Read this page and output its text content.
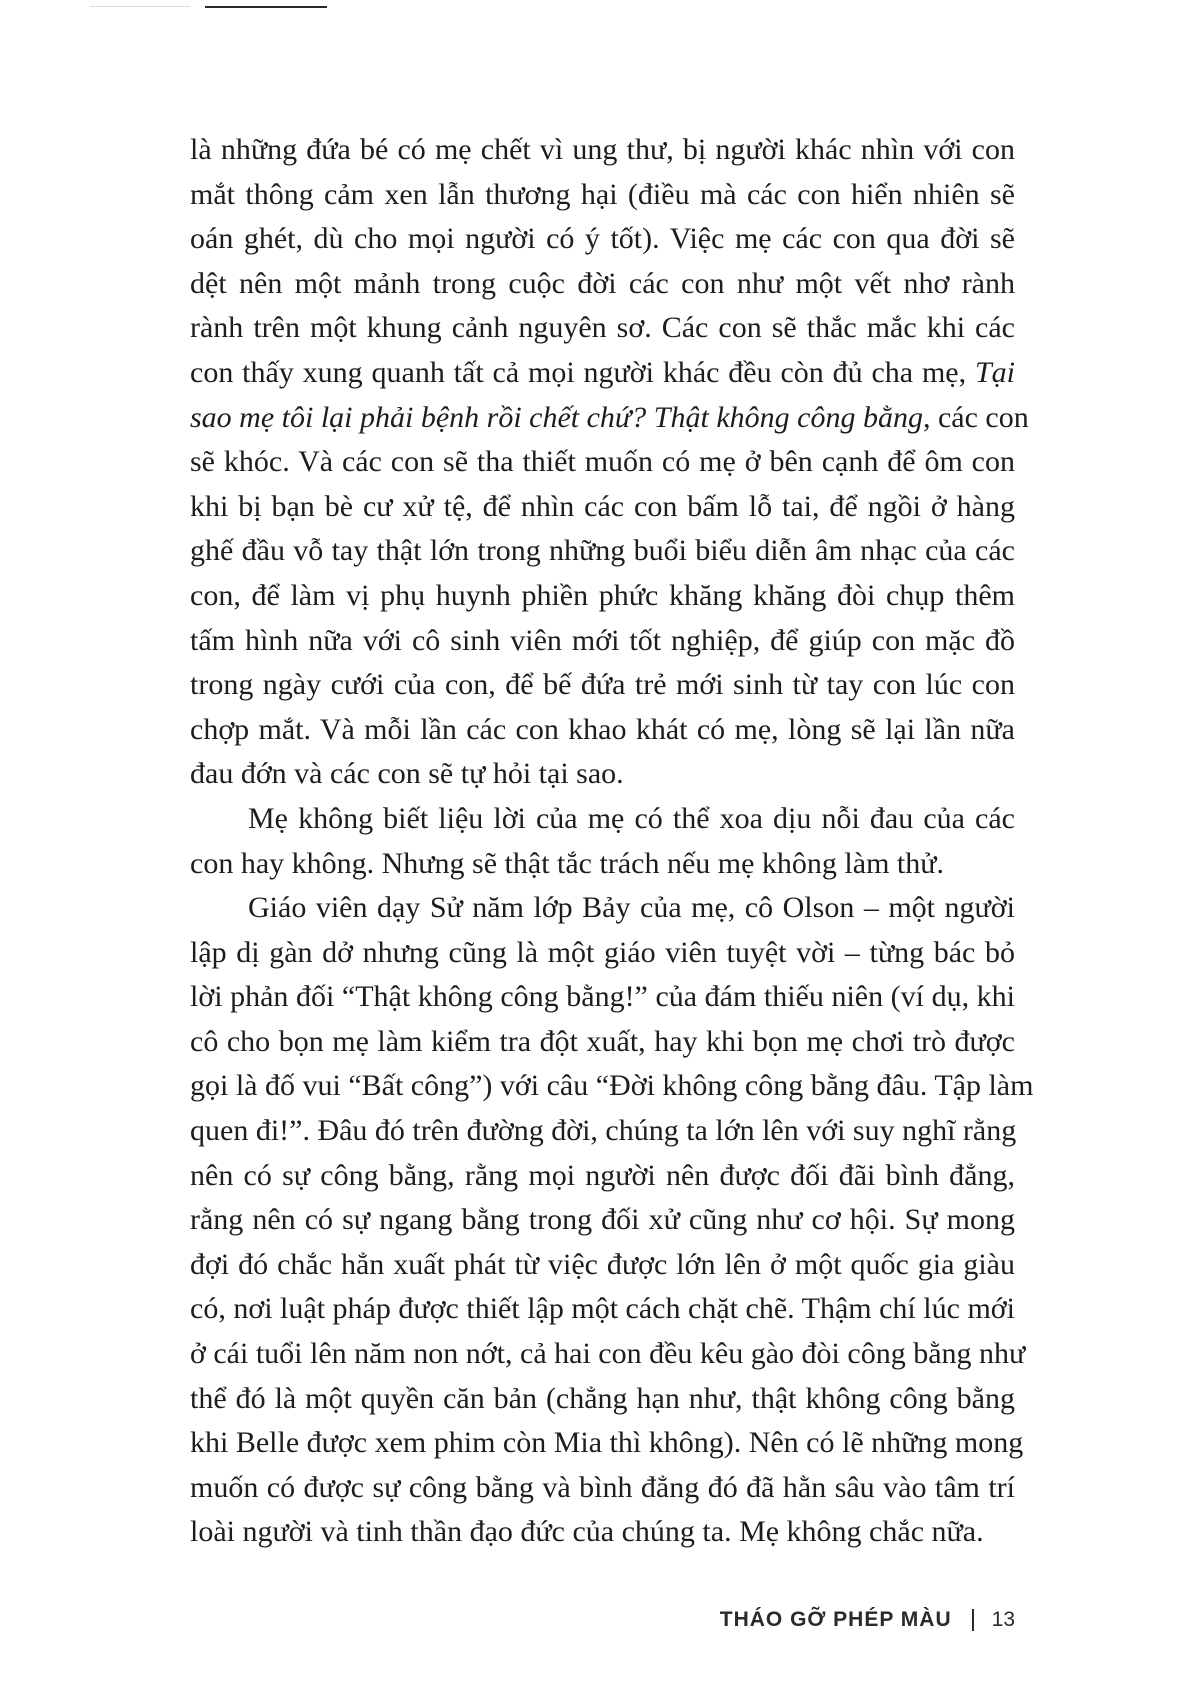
là những đứa bé có mẹ chết vì ung thư, bị người khác nhìn với con
mắt thông cảm xen lẫn thương hại (điều mà các con hiển nhiên sẽ
oán ghét, dù cho mọi người có ý tốt). Việc mẹ các con qua đời sẽ
dệt nên một mảnh trong cuộc đời các con như một vết nhơ rành
rành trên một khung cảnh nguyên sơ. Các con sẽ thắc mắc khi các
con thấy xung quanh tất cả mọi người khác đều còn đủ cha mẹ, Tại
sao mẹ tôi lại phải bệnh rồi chết chứ? Thật không công bằng, các con
sẽ khóc. Và các con sẽ tha thiết muốn có mẹ ở bên cạnh để ôm con
khi bị bạn bè cư xử tệ, để nhìn các con bấm lỗ tai, để ngồi ở hàng
ghế đầu vỗ tay thật lớn trong những buổi biểu diễn âm nhạc của các
con, để làm vị phụ huynh phiền phức khăng khăng đòi chụp thêm
tấm hình nữa với cô sinh viên mới tốt nghiệp, để giúp con mặc đồ
trong ngày cưới của con, để bế đứa trẻ mới sinh từ tay con lúc con
chợp mắt. Và mỗi lần các con khao khát có mẹ, lòng sẽ lại lần nữa
đau đớn và các con sẽ tự hỏi tại sao.
Mẹ không biết liệu lời của mẹ có thể xoa dịu nỗi đau của các
con hay không. Nhưng sẽ thật tắc trách nếu mẹ không làm thử.
Giáo viên dạy Sử năm lớp Bảy của mẹ, cô Olson – một người
lập dị gàn dở nhưng cũng là một giáo viên tuyệt vời – từng bác bỏ
lời phản đối “Thật không công bằng!” của đám thiếu niên (ví dụ, khi
cô cho bọn mẹ làm kiểm tra đột xuất, hay khi bọn mẹ chơi trò được
gọi là đố vui “Bất công”) với câu “Đời không công bằng đâu. Tập làm
quen đi!”. Đâu đó trên đường đời, chúng ta lớn lên với suy nghĩ rằng
nên có sự công bằng, rằng mọi người nên được đối đãi bình đẳng,
rằng nên có sự ngang bằng trong đối xử cũng như cơ hội. Sự mong
đợi đó chắc hẳn xuất phát từ việc được lớn lên ở một quốc gia giàu
có, nơi luật pháp được thiết lập một cách chặt chẽ. Thậm chí lúc mới
ở cái tuổi lên năm non nớt, cả hai con đều kêu gào đòi công bằng như
thể đó là một quyền căn bản (chẳng hạn như, thật không công bằng
khi Belle được xem phim còn Mia thì không). Nên có lẽ những mong
muốn có được sự công bằng và bình đẳng đó đã hằn sâu vào tâm trí
loài người và tinh thần đạo đức của chúng ta. Mẹ không chắc nữa.
THÁO GỠ PHÉP MÀU 13
